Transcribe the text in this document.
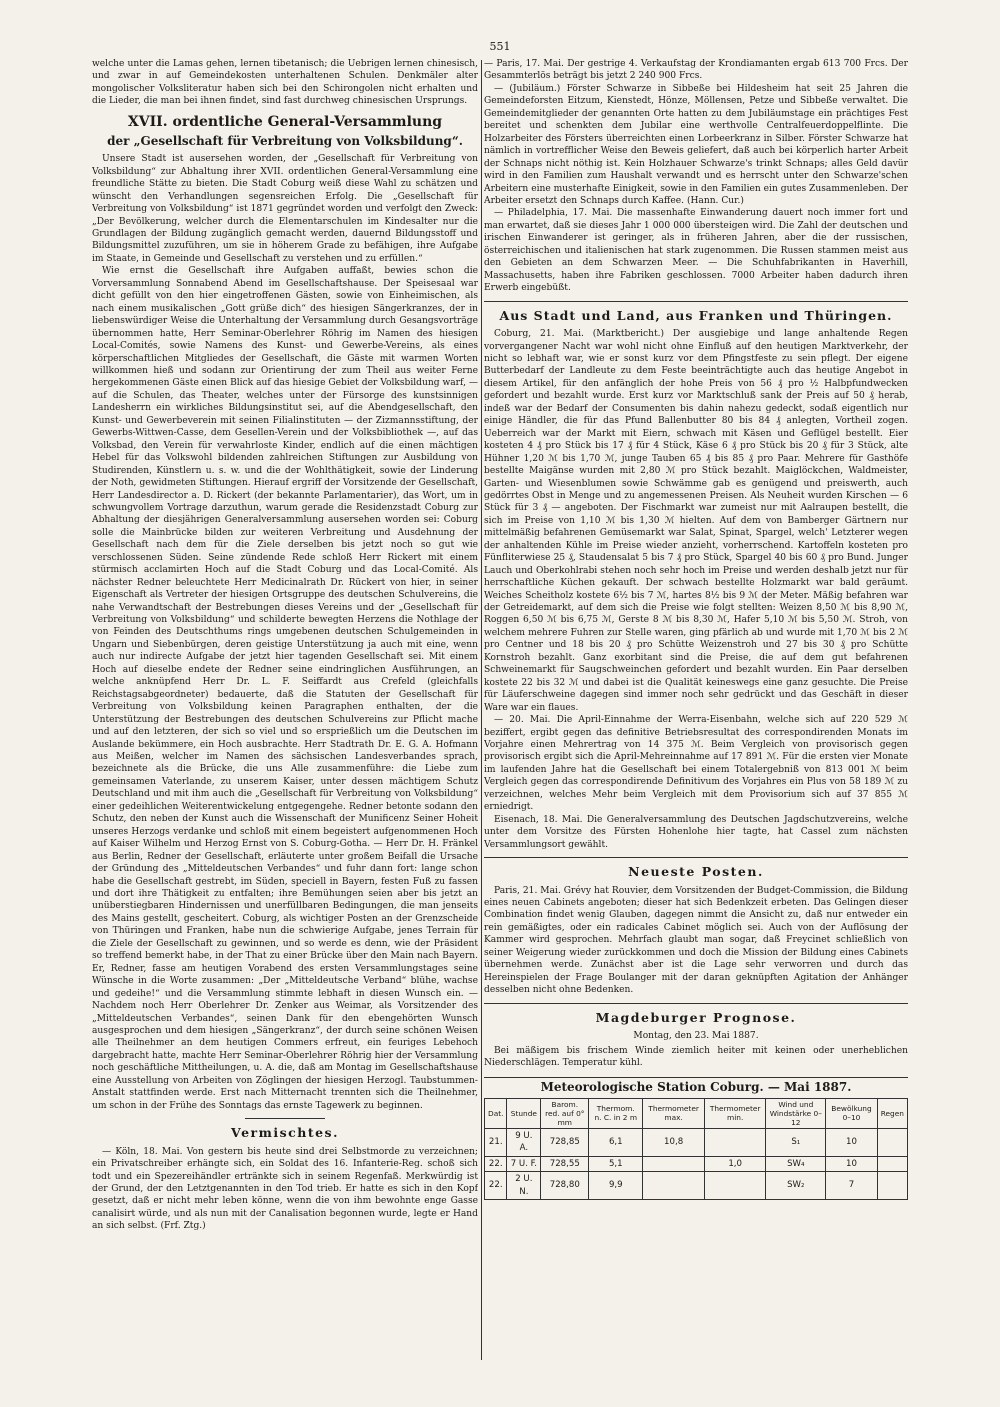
551

welche unter die Lamas gehen, lernen tibetanisch; die Uebrigen lernen chinesisch, und zwar in auf Gemeindekosten unterhaltenen Schulen. Denkmäler alter mongolischer Volksliteratur haben sich bei den Schirongolen nicht erhalten und die Lieder, die man bei ihnen findet, sind fast durchweg chinesischen Ursprungs.

XVII. ordentliche General-Versammlung
der „Gesellschaft für Verbreitung von Volksbildung“.

Unsere Stadt ist ausersehen worden, der „Gesellschaft für Verbreitung von Volksbildung“ zur Abhaltung ihrer XVII. ordentlichen General-Versammlung eine freundliche Stätte zu bieten. Die Stadt Coburg weiß diese Wahl zu schätzen und wünscht den Verhandlungen segensreichen Erfolg. Die „Gesellschaft für Verbreitung von Volksbildung“ ist 1871 gegründet worden und verfolgt den Zweck: „Der Bevölkerung, welcher durch die Elementarschulen im Kindesalter nur die Grundlagen der Bildung zugänglich gemacht werden, dauernd Bildungsstoff und Bildungsmittel zuzuführen, um sie in höherem Grade zu befähigen, ihre Aufgabe im Staate, in Gemeinde und Gesellschaft zu verstehen und zu erfüllen.“

Wie ernst die Gesellschaft ihre Aufgaben auffaßt, bewies schon die Vorversammlung Sonnabend Abend im Gesellschaftshause. Der Speisesaal war dicht gefüllt von den hier eingetroffenen Gästen, sowie von Einheimischen, als nach einem musikalischen „Gott grüße dich“ des hiesigen Sängerkranzes, der in liebenswürdiger Weise die Unterhaltung der Versammlung durch Gesangsvorträge übernommen hatte, Herr Seminar-Oberlehrer Röhrig im Namen des hiesigen Local-Comités, sowie Namens des Kunst- und Gewerbe-Vereins, als eines körperschaftlichen Mitgliedes der Gesellschaft, die Gäste mit warmen Worten willkommen hieß und sodann zur Orientirung der zum Theil aus weiter Ferne hergekommenen Gäste einen Blick auf das hiesige Gebiet der Volksbildung warf, — auf die Schulen, das Theater, welches unter der Fürsorge des kunstsinnigen Landesherrn ein wirkliches Bildungsinstitut sei, auf die Abendgesellschaft, den Kunst- und Gewerbeverein mit seinen Filialinstituten — der Zizmannsstiftung, der Gewerbs-Wittwen-Casse, dem Gesellen-Verein und der Volksbibliothek —, auf das Volksbad, den Verein für verwahrloste Kinder, endlich auf die einen mächtigen Hebel für das Volkswohl bildenden zahlreichen Stiftungen zur Ausbildung von Studirenden, Künstlern u. s. w. und die der Wohlthätigkeit, sowie der Linderung der Noth, gewidmeten Stiftungen. Hierauf ergriff der Vorsitzende der Gesellschaft, Herr Landesdirector a. D. Rickert (der bekannte Parlamentarier), das Wort, um in schwungvollem Vortrage darzuthun, warum gerade die Residenzstadt Coburg zur Abhaltung der diesjährigen Generalversammlung ausersehen worden sei: Coburg solle die Mainbrücke bilden zur weiteren Verbreitung und Ausdehnung der Gesellschaft nach dem für die Ziele derselben bis jetzt noch so gut wie verschlossenen Süden. Seine zündende Rede schloß Herr Rickert mit einem stürmisch acclamirten Hoch auf die Stadt Coburg und das Local-Comité. Als nächster Redner beleuchtete Herr Medicinalrath Dr. Rückert von hier, in seiner Eigenschaft als Vertreter der hiesigen Ortsgruppe des deutschen Schulvereins, die nahe Verwandtschaft der Bestrebungen dieses Vereins und der „Gesellschaft für Verbreitung von Volksbildung“ und schilderte bewegten Herzens die Nothlage der von Feinden des Deutschthums rings umgebenen deutschen Schulgemeinden in Ungarn und Siebenbürgen, deren geistige Unterstützung ja auch mit eine, wenn auch nur indirecte Aufgabe der jetzt hier tagenden Gesellschaft sei. Mit einem Hoch auf dieselbe endete der Redner seine eindringlichen Ausführungen, an welche anknüpfend Herr Dr. L. F. Seiffardt aus Crefeld (gleichfalls Reichstagsabgeordneter) bedauerte, daß die Statuten der Gesellschaft für Verbreitung von Volksbildung keinen Paragraphen enthalten, der die Unterstützung der Bestrebungen des deutschen Schulvereins zur Pflicht mache und auf den letzteren, der sich so viel und so ersprießlich um die Deutschen im Auslande bekümmere, ein Hoch ausbrachte. Herr Stadtrath Dr. E. G. A. Hofmann aus Meißen, welcher im Namen des sächsischen Landesverbandes sprach, bezeichnete als die Brücke, die uns Alle zusammenführe: die Liebe zum gemeinsamen Vaterlande, zu unserem Kaiser, unter dessen mächtigem Schutz Deutschland und mit ihm auch die „Gesellschaft für Verbreitung von Volksbildung“ einer gedeihlichen Weiterentwickelung entgegengehe. Redner betonte sodann den Schutz, den neben der Kunst auch die Wissenschaft der Munificenz Seiner Hoheit unseres Herzogs verdanke und schloß mit einem begeistert aufgenommenen Hoch auf Kaiser Wilhelm und Herzog Ernst von S. Coburg-Gotha. — Herr Dr. H. Fränkel aus Berlin, Redner der Gesellschaft, erläuterte unter großem Beifall die Ursache der Gründung des „Mitteldeutschen Verbandes“ und fuhr dann fort: lange schon habe die Gesellschaft gestrebt, im Süden, speciell in Bayern, festen Fuß zu fassen und dort ihre Thätigkeit zu entfalten; ihre Bemühungen seien aber bis jetzt an unüberstiegbaren Hindernissen und unerfüllbaren Bedingungen, die man jenseits des Mains gestellt, gescheitert. Coburg, als wichtiger Posten an der Grenzscheide von Thüringen und Franken, habe nun die schwierige Aufgabe, jenes Terrain für die Ziele der Gesellschaft zu gewinnen, und so werde es denn, wie der Präsident so treffend bemerkt habe, in der That zu einer Brücke über den Main nach Bayern. Er, Redner, fasse am heutigen Vorabend des ersten Versammlungstages seine Wünsche in die Worte zusammen: „Der „Mitteldeutsche Verband“ blühe, wachse und gedeihe!“ und die Versammlung stimmte lebhaft in diesen Wunsch ein. — Nachdem noch Herr Oberlehrer Dr. Zenker aus Weimar, als Vorsitzender des „Mitteldeutschen Verbandes“, seinen Dank für den ebengehörten Wunsch ausgesprochen und dem hiesigen „Sängerkranz“, der durch seine schönen Weisen alle Theilnehmer an dem heutigen Commers erfreut, ein feuriges Lebehoch dargebracht hatte, machte Herr Seminar-Oberlehrer Röhrig hier der Versammlung noch geschäftliche Mittheilungen, u. A. die, daß am Montag im Gesellschaftshause eine Ausstellung von Arbeiten von Zöglingen der hiesigen Herzogl. Taubstummen-Anstalt stattfinden werde. Erst nach Mitternacht trennten sich die Theilnehmer, um schon in der Frühe des Sonntags das ernste Tagewerk zu beginnen.

Vermischtes.

— Köln, 18. Mai. Von gestern bis heute sind drei Selbstmorde zu verzeichnen; ein Privatschreiber erhängte sich, ein Soldat des 16. Infanterie-Reg. schoß sich todt und ein Spezereihändler ertränkte sich in seinem Regenfaß. Merkwürdig ist der Grund, der den Letztgenannten in den Tod trieb. Er hatte es sich in den Kopf gesetzt, daß er nicht mehr leben könne, wenn die von ihm bewohnte enge Gasse canalisirt würde, und als nun mit der Canalisation begonnen wurde, legte er Hand an sich selbst. (Frf. Ztg.)

— Paris, 17. Mai. Der gestrige 4. Verkaufstag der Krondiamanten ergab 613 700 Frcs. Der Gesammterlös beträgt bis jetzt 2 240 900 Frcs.

— (Jubiläum.) Förster Schwarze in Sibbeße bei Hildesheim hat seit 25 Jahren die Gemeindeforsten Eitzum, Kienstedt, Hönze, Möllensen, Petze und Sibbeße verwaltet. Die Gemeindemitglieder der genannten Orte hatten zu dem Jubiläumstage ein prächtiges Fest bereitet und schenkten dem Jubilar eine werthvolle Centralfeuerdoppelflinte. Die Holzarbeiter des Försters überreichten einen Lorbeerkranz in Silber. Förster Schwarze hat nämlich in vortrefflicher Weise den Beweis geliefert, daß auch bei körperlich harter Arbeit der Schnaps nicht nöthig ist. Kein Holzhauer Schwarze's trinkt Schnaps; alles Geld davür wird in den Familien zum Haushalt verwandt und es herrscht unter den Schwarze'schen Arbeitern eine musterhafte Einigkeit, sowie in den Familien ein gutes Zusammenleben. Der Arbeiter ersetzt den Schnaps durch Kaffee. (Hann. Cur.)

— Philadelphia, 17. Mai. Die massenhafte Einwanderung dauert noch immer fort und man erwartet, daß sie dieses Jahr 1 000 000 übersteigen wird. Die Zahl der deutschen und irischen Einwanderer ist geringer, als in früheren Jahren, aber die der russischen, österreichischen und italienischen hat stark zugenommen. Die Russen stammen meist aus den Gebieten an dem Schwarzen Meer. — Die Schuhfabrikanten in Haverhill, Massachusetts, haben ihre Fabriken geschlossen. 7000 Arbeiter haben dadurch ihren Erwerb eingebüßt.

Aus Stadt und Land, aus Franken und Thüringen.

Coburg, 21. Mai. (Marktbericht.) Der ausgiebige und lange anhaltende Regen vorvergangener Nacht war wohl nicht ohne Einfluß auf den heutigen Marktverkehr, der nicht so lebhaft war, wie er sonst kurz vor dem Pfingstfeste zu sein pflegt. Der eigene Butterbedarf der Landleute zu dem Feste beeinträchtigte auch das heutige Angebot in diesem Artikel, für den anfänglich der hohe Preis von 56 ₰ pro ½ Halbpfundwecken gefordert und bezahlt wurde. Erst kurz vor Marktschluß sank der Preis auf 50 ₰ herab, indeß war der Bedarf der Consumenten bis dahin nahezu gedeckt, sodaß eigentlich nur einige Händler, die für das Pfund Ballenbutter 80 bis 84 ₰ anlegten, Vortheil zogen. Ueberreich war der Markt mit Eiern, schwach mit Käsen und Geflügel bestellt. Eier kosteten 4 ₰ pro Stück bis 17 ₰ für 4 Stück, Käse 6 ₰ pro Stück bis 20 ₰ für 3 Stück, alte Hühner 1,20 ℳ bis 1,70 ℳ, junge Tauben 65 ₰ bis 85 ₰ pro Paar. Mehrere für Gasthöfe bestellte Maigänse wurden mit 2,80 ℳ pro Stück bezahlt. Maiglöckchen, Waldmeister, Garten- und Wiesenblumen sowie Schwämme gab es genügend und preiswerth, auch gedörrtes Obst in Menge und zu angemessenen Preisen. Als Neuheit wurden Kirschen — 6 Stück für 3 ₰ — angeboten. Der Fischmarkt war zumeist nur mit Aalraupen bestellt, die sich im Preise von 1,10 ℳ bis 1,30 ℳ hielten. Auf dem von Bamberger Gärtnern nur mittelmäßig befahrenen Gemüsemarkt war Salat, Spinat, Spargel, welch' Letzterer wegen der anhaltenden Kühle im Preise wieder anzieht, vorherrschend. Kartoffeln kosteten pro Fünfliterwiese 25 ₰, Staudensalat 5 bis 7 ₰ pro Stück, Spargel 40 bis 60 ₰ pro Bund. Junger Lauch und Oberkohlrabi stehen noch sehr hoch im Preise und werden deshalb jetzt nur für herrschaftliche Küchen gekauft. Der schwach bestellte Holzmarkt war bald geräumt. Weiches Scheitholz kostete 6½ bis 7 ℳ, hartes 8½ bis 9 ℳ der Meter. Mäßig befahren war der Getreidemarkt, auf dem sich die Preise wie folgt stellten: Weizen 8,50 ℳ bis 8,90 ℳ, Roggen 6,50 ℳ bis 6,75 ℳ, Gerste 8 ℳ bis 8,30 ℳ, Hafer 5,10 ℳ bis 5,50 ℳ. Stroh, von welchem mehrere Fuhren zur Stelle waren, ging pfärlich ab und wurde mit 1,70 ℳ bis 2 ℳ pro Centner und 18 bis 20 ₰ pro Schütte Weizenstroh und 27 bis 30 ₰ pro Schütte Kornstroh bezahlt. Ganz exorbitant sind die Preise, die auf dem gut befahrenen Schweinemarkt für Saugschweinchen gefordert und bezahlt wurden. Ein Paar derselben kostete 22 bis 32 ℳ und dabei ist die Qualität keineswegs eine ganz gesuchte. Die Preise für Läuferschweine dagegen sind immer noch sehr gedrückt und das Geschäft in dieser Ware war ein flaues.

— 20. Mai. Die April-Einnahme der Werra-Eisenbahn, welche sich auf 220 529 ℳ beziffert, ergibt gegen das definitive Betriebsresultat des correspondirenden Monats im Vorjahre einen Mehrertrag von 14 375 ℳ. Beim Vergleich von provisorisch gegen provisorisch ergibt sich die April-Mehreinnahme auf 17 891 ℳ. Für die ersten vier Monate im laufenden Jahre hat die Gesellschaft bei einem Totalergebniß von 813 001 ℳ beim Vergleich gegen das correspondirende Definitivum des Vorjahres ein Plus von 58 189 ℳ zu verzeichnen, welches Mehr beim Vergleich mit dem Provisorium sich auf 37 855 ℳ erniedrigt.

Eisenach, 18. Mai. Die Generalversammlung des Deutschen Jagdschutzvereins, welche unter dem Vorsitze des Fürsten Hohenlohe hier tagte, hat Cassel zum nächsten Versammlungsort gewählt.

Neueste Posten.

Paris, 21. Mai. Grévy hat Rouvier, dem Vorsitzenden der Budget-Commission, die Bildung eines neuen Cabinets angeboten; dieser hat sich Bedenkzeit erbeten. Das Gelingen dieser Combination findet wenig Glauben, dagegen nimmt die Ansicht zu, daß nur entweder ein rein gemäßigtes, oder ein radicales Cabinet möglich sei. Auch von der Auflösung der Kammer wird gesprochen. Mehrfach glaubt man sogar, daß Freycinet schließlich von seiner Weigerung wieder zurückkommen und doch die Mission der Bildung eines Cabinets übernehmen werde. Zunächst aber ist die Lage sehr verworren und durch das Hereinspielen der Frage Boulanger mit der daran geknüpften Agitation der Anhänger desselben nicht ohne Bedenken.

Magdeburger Prognose.
Montag, den 23. Mai 1887.

Bei mäßigem bis frischem Winde ziemlich heiter mit keinen oder unerheblichen Niederschlägen. Temperatur kühl.

Meteorologische Station Coburg. — Mai 1887.
Dat.	Stunde	Barom. red. auf 0° mm	Thermom. n. C. in 2 m	Thermometer max.	Thermometer min.	Wind und Windstärke 0–12	Bewölkung 0–10	Regen
21.	9 U. A.	728,85	6,1	10,8		S₁	10	
22.	7 U. F.	728,55	5,1		1,0	SW₄	10	
22.	2 U. N.	728,80	9,9			SW₂	7	
